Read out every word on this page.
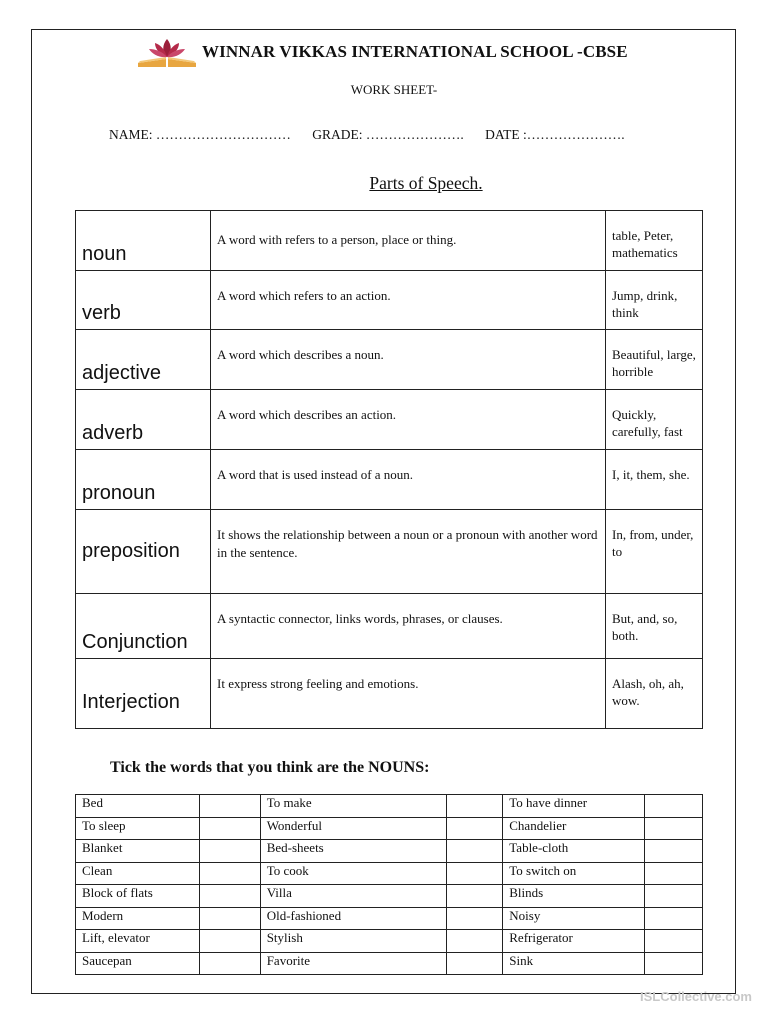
WINNAR VIKKAS INTERNATIONAL SCHOOL -CBSE
WORK SHEET-
NAME: ………………………… GRADE: …………………. DATE :………………….
Parts of Speech.
noun	A word with refers to a person, place or thing.	table, Peter, mathematics
verb	A word which refers to an action.	Jump, drink, think
adjective	A word which describes a noun.	Beautiful, large, horrible
adverb	A word which describes an action.	Quickly, carefully, fast
pronoun	A word that is used instead of a noun.	I, it, them, she.
preposition	It shows the relationship between a noun or a pronoun with another word in the sentence.	In, from, under, to
Conjunction	A syntactic connector, links words, phrases, or clauses.	But, and, so, both.
Interjection	It express strong feeling and emotions.	Alash, oh, ah, wow.
Tick the words that you think are the NOUNS:
Bed		To make		To have dinner	
To sleep		Wonderful		Chandelier	
Blanket		Bed-sheets		Table-cloth	
Clean		To cook		To switch on	
Block of flats		Villa		Blinds	
Modern		Old-fashioned		Noisy	
Lift, elevator		Stylish		Refrigerator	
Saucepan		Favorite		Sink	
ISLCollective.com
